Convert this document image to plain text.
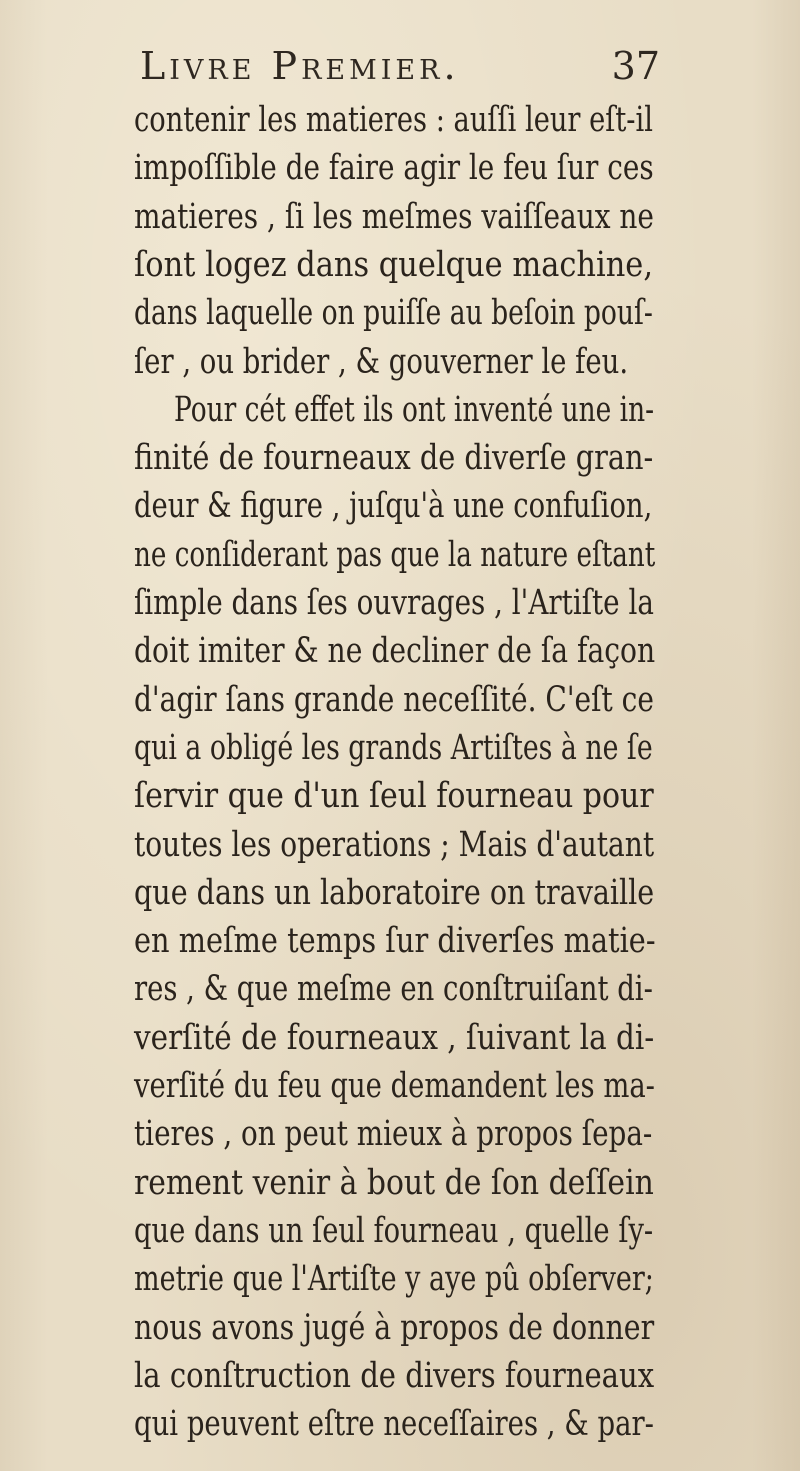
Livre Premier.	37
contenir les matieres : auſſi leur eſt-il
impoſſible de faire agir le feu ſur ces
matieres , ſi les meſmes vaiſſeaux ne
ſont logez dans quelque machine,
dans laquelle on puiſſe au beſoin pouſ-
ſer , ou brider , & gouverner le feu.
Pour cét effet ils ont inventé une in-
finité de fourneaux de diverſe gran-
deur & figure , juſqu'à une confuſion,
ne conſiderant pas que la nature eſtant
ſimple dans ſes ouvrages , l'Artiſte la
doit imiter & ne decliner de ſa façon
d'agir ſans grande neceſſité. C'eſt ce
qui a obligé les grands Artiſtes à ne ſe
ſervir que d'un ſeul fourneau pour
toutes les operations ; Mais d'autant
que dans un laboratoire on travaille
en meſme temps ſur diverſes matie-
res , & que meſme en conſtruiſant di-
verſité de fourneaux , ſuivant la di-
verſité du feu que demandent les ma-
tieres , on peut mieux à propos ſepa-
rement venir à bout de ſon deſſein
que dans un ſeul fourneau , quelle ſy-
metrie que l'Artiſte y aye pû obſerver;
nous avons jugé à propos de donner
la conſtruction de divers fourneaux
qui peuvent eſtre neceſſaires , & par-
